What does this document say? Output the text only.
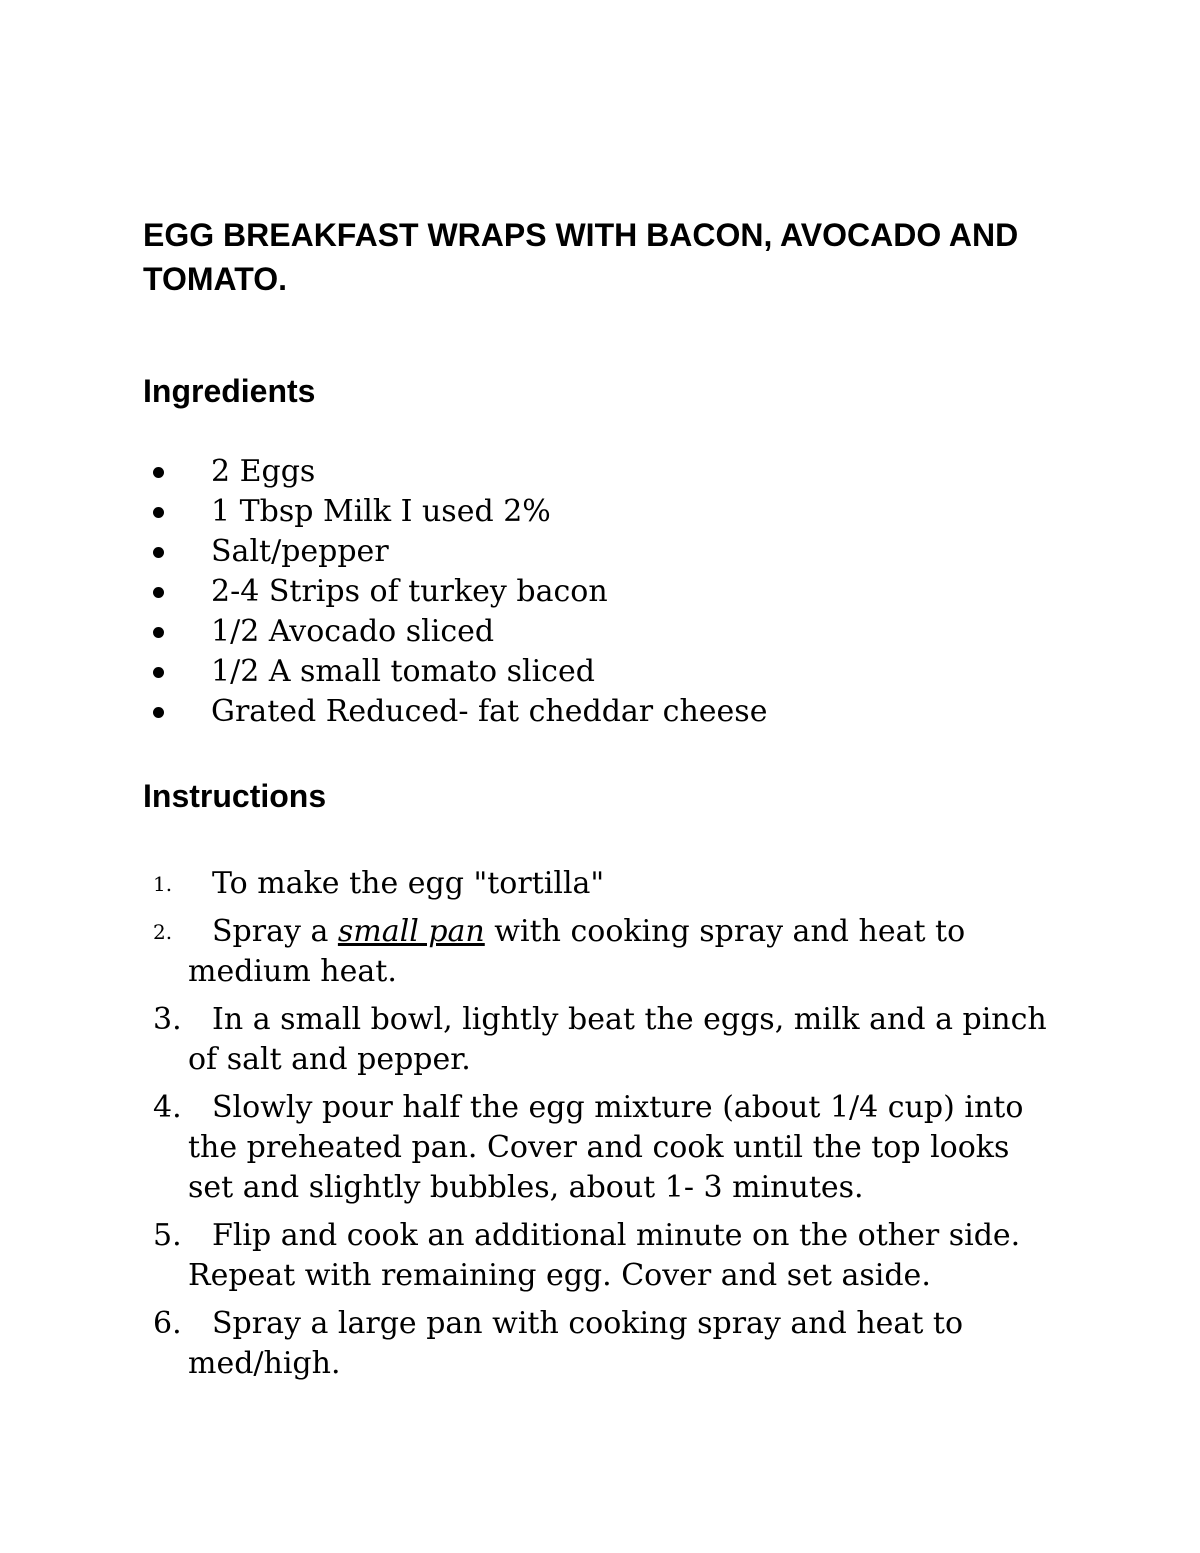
EGG BREAKFAST WRAPS WITH BACON, AVOCADO AND TOMATO.
Ingredients
2 Eggs
1 Tbsp Milk I used 2%
Salt/pepper
2-4 Strips of turkey bacon
1/2 Avocado sliced
1/2 A small tomato sliced
Grated Reduced- fat cheddar cheese
Instructions
1.	To make the egg "tortilla"
2.	Spray a small pan with cooking spray and heat to medium heat.
3.	In a small bowl, lightly beat the eggs, milk and a pinch of salt and pepper.
4.	Slowly pour half the egg mixture (about 1/4 cup) into the preheated pan. Cover and cook until the top looks set and slightly bubbles, about 1- 3 minutes.
5.	Flip and cook an additional minute on the other side. Repeat with remaining egg. Cover and set aside.
6.	Spray a large pan with cooking spray and heat to med/high.
